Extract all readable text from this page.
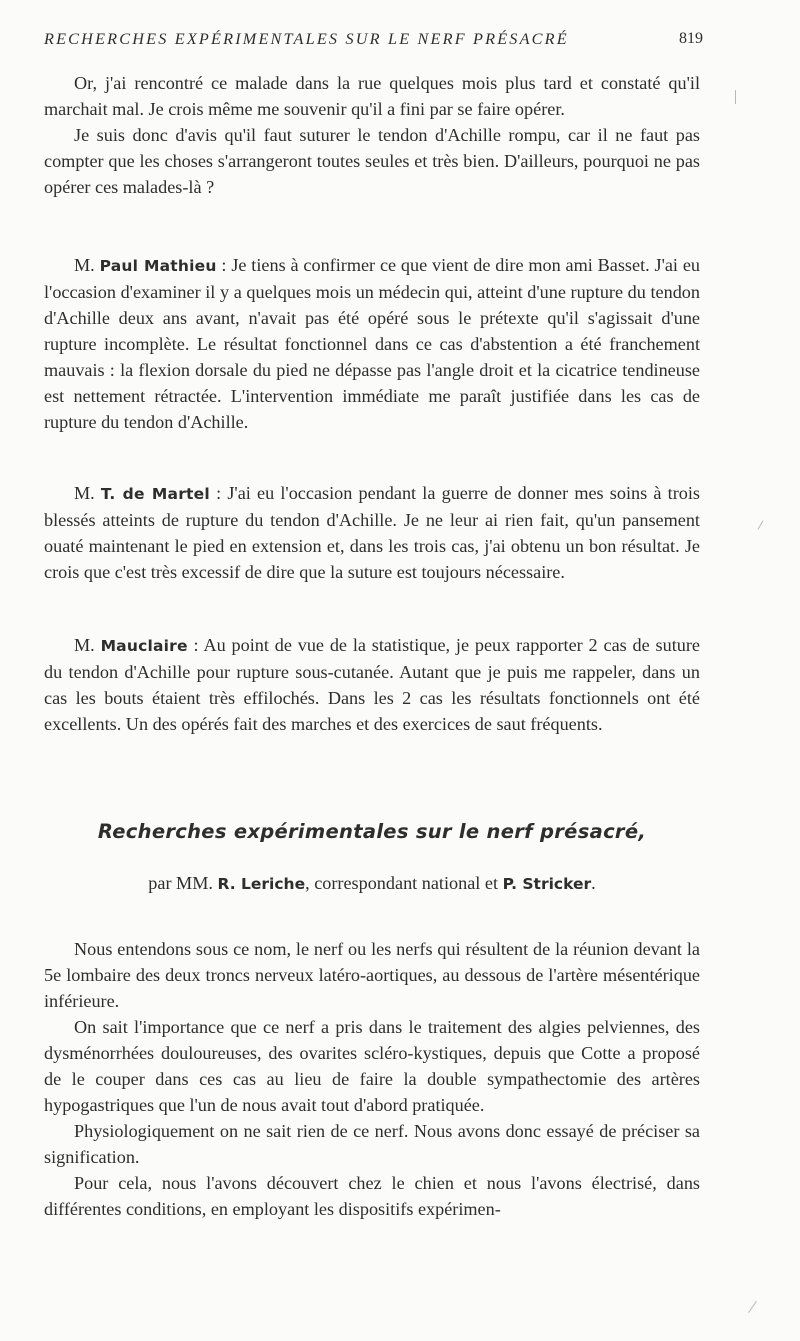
RECHERCHES EXPÉRIMENTALES SUR LE NERF PRÉSACRÉ	819

Or, j'ai rencontré ce malade dans la rue quelques mois plus tard et constaté qu'il marchait mal. Je crois même me souvenir qu'il a fini par se faire opérer.

Je suis donc d'avis qu'il faut suturer le tendon d'Achille rompu, car il ne faut pas compter que les choses s'arrangeront toutes seules et très bien. D'ailleurs, pourquoi ne pas opérer ces malades-là ?

M. Paul Mathieu : Je tiens à confirmer ce que vient de dire mon ami Basset. J'ai eu l'occasion d'examiner il y a quelques mois un médecin qui, atteint d'une rupture du tendon d'Achille deux ans avant, n'avait pas été opéré sous le prétexte qu'il s'agissait d'une rupture incomplète. Le résultat fonctionnel dans ce cas d'abstention a été franchement mauvais : la flexion dorsale du pied ne dépasse pas l'angle droit et la cicatrice tendineuse est nettement rétractée. L'intervention immédiate me paraît justifiée dans les cas de rupture du tendon d'Achille.

M. T. de Martel : J'ai eu l'occasion pendant la guerre de donner mes soins à trois blessés atteints de rupture du tendon d'Achille. Je ne leur ai rien fait, qu'un pansement ouaté maintenant le pied en extension et, dans les trois cas, j'ai obtenu un bon résultat. Je crois que c'est très excessif de dire que la suture est toujours nécessaire.

M. Mauclaire : Au point de vue de la statistique, je peux rapporter 2 cas de suture du tendon d'Achille pour rupture sous-cutanée. Autant que je puis me rappeler, dans un cas les bouts étaient très effilochés. Dans les 2 cas les résultats fonctionnels ont été excellents. Un des opérés fait des marches et des exercices de saut fréquents.

Recherches expérimentales sur le nerf présacré,
par MM. R. Leriche, correspondant national et P. Stricker.

Nous entendons sous ce nom, le nerf ou les nerfs qui résultent de la réunion devant la 5e lombaire des deux troncs nerveux latéro-aortiques, au dessous de l'artère mésentérique inférieure.

On sait l'importance que ce nerf a pris dans le traitement des algies pelviennes, des dysménorrhées douloureuses, des ovarites scléro-kystiques, depuis que Cotte a proposé de le couper dans ces cas au lieu de faire la double sympathectomie des artères hypogastriques que l'un de nous avait tout d'abord pratiquée.

Physiologiquement on ne sait rien de ce nerf. Nous avons donc essayé de préciser sa signification.

Pour cela, nous l'avons découvert chez le chien et nous l'avons électrisé, dans différentes conditions, en employant les dispositifs expérimen-
